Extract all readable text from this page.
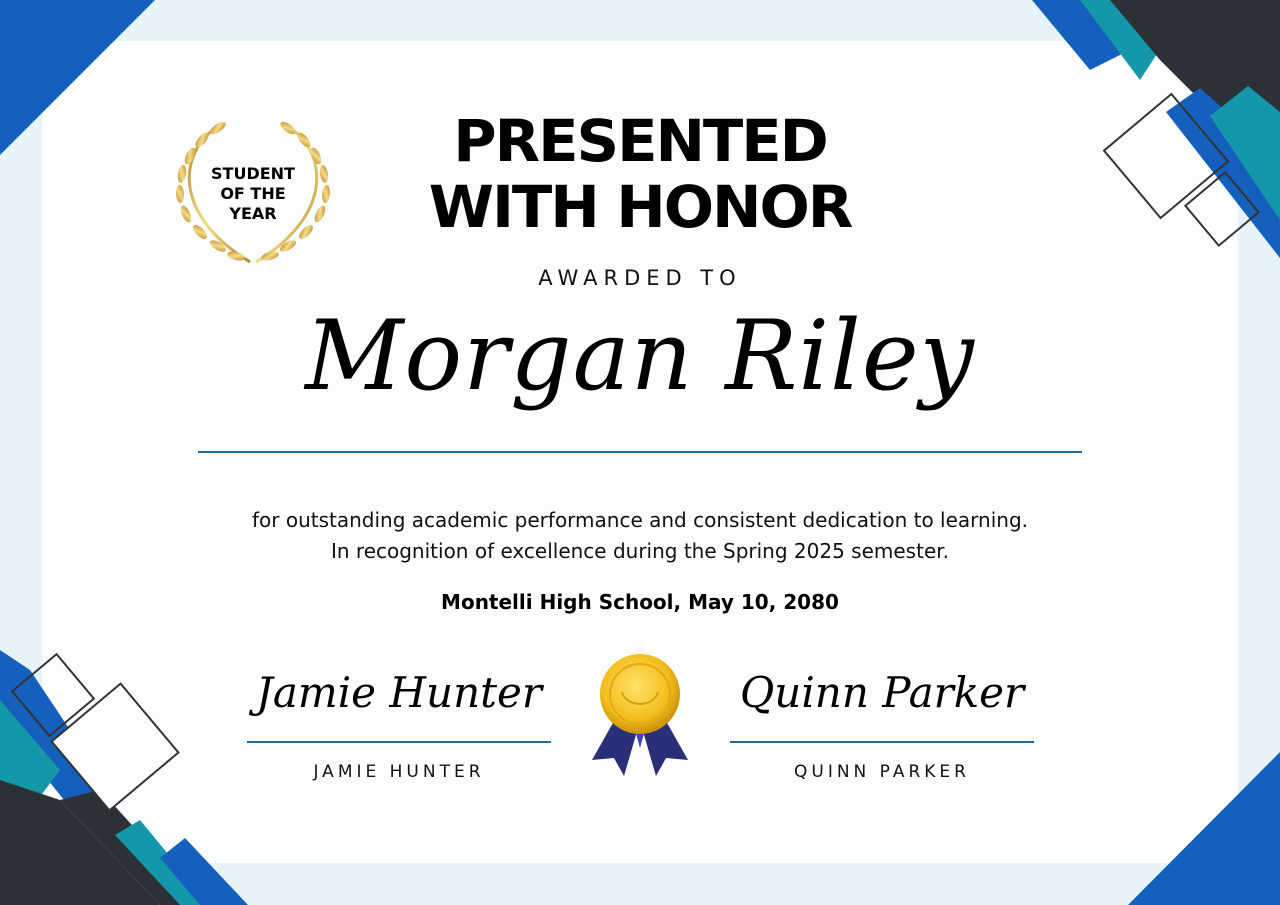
STUDENT
OF THE
YEAR
PRESENTED
WITH HONOR
AWARDED TO
Morgan Riley
for outstanding academic performance and consistent dedication to learning. In recognition of excellence during the Spring 2025 semester.
Montelli High School, May 10, 2080
Jamie Hunter
JAMIE HUNTER
Quinn Parker
QUINN PARKER
